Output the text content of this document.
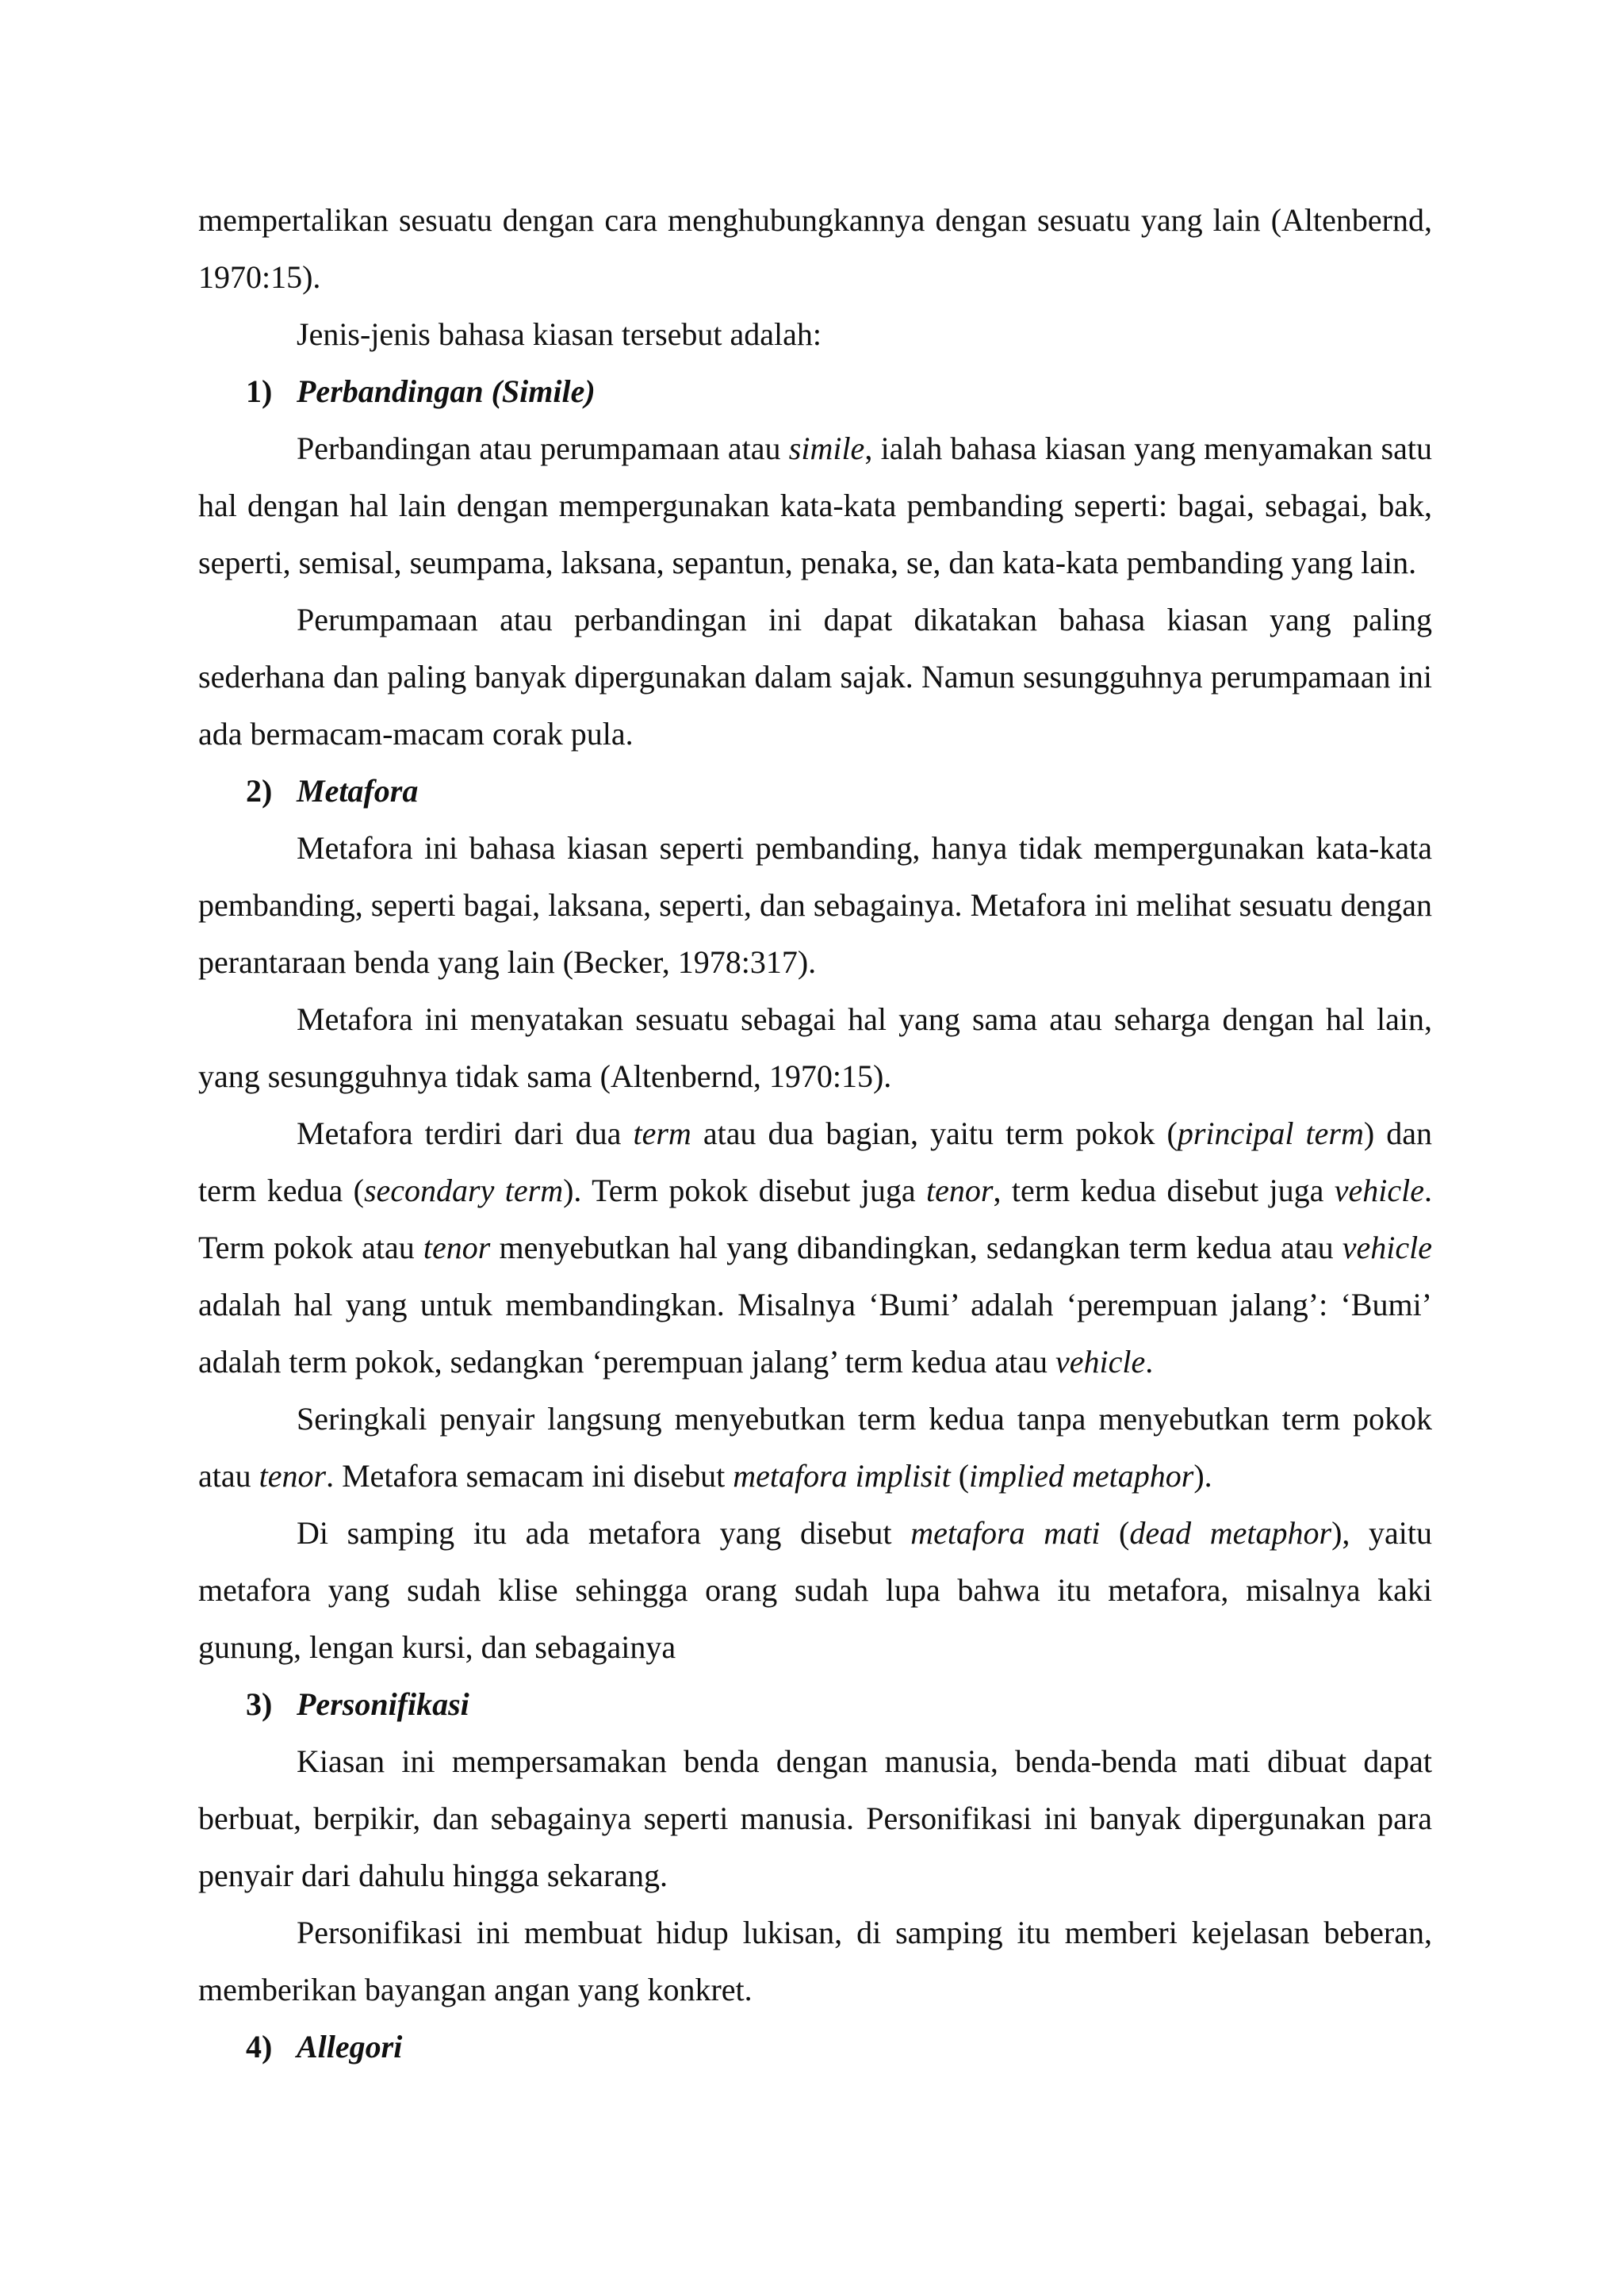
mempertalikan sesuatu dengan cara menghubungkannya dengan sesuatu yang lain (Altenbernd, 1970:15).

Jenis-jenis bahasa kiasan tersebut adalah:

1) Perbandingan (Simile)

Perbandingan atau perumpamaan atau simile, ialah bahasa kiasan yang menyamakan satu hal dengan hal lain dengan mempergunakan kata-kata pembanding seperti: bagai, sebagai, bak, seperti, semisal, seumpama, laksana, sepantun, penaka, se, dan kata-kata pembanding yang lain.

Perumpamaan atau perbandingan ini dapat dikatakan bahasa kiasan yang paling sederhana dan paling banyak dipergunakan dalam sajak. Namun sesungguhnya perumpamaan ini ada bermacam-macam corak pula.

2) Metafora

Metafora ini bahasa kiasan seperti pembanding, hanya tidak mempergunakan kata-kata pembanding, seperti bagai, laksana, seperti, dan sebagainya. Metafora ini melihat sesuatu dengan perantaraan benda yang lain (Becker, 1978:317).

Metafora ini menyatakan sesuatu sebagai hal yang sama atau seharga dengan hal lain, yang sesungguhnya tidak sama (Altenbernd, 1970:15).

Metafora terdiri dari dua term atau dua bagian, yaitu term pokok (principal term) dan term kedua (secondary term). Term pokok disebut juga tenor, term kedua disebut juga vehicle. Term pokok atau tenor menyebutkan hal yang dibandingkan, sedangkan term kedua atau vehicle adalah hal yang untuk membandingkan. Misalnya ‘Bumi’ adalah ‘perempuan jalang’: ‘Bumi’ adalah term pokok, sedangkan ‘perempuan jalang’ term kedua atau vehicle.

Seringkali penyair langsung menyebutkan term kedua tanpa menyebutkan term pokok atau tenor. Metafora semacam ini disebut metafora implisit (implied metaphor).

Di samping itu ada metafora yang disebut metafora mati (dead metaphor), yaitu metafora yang sudah klise sehingga orang sudah lupa bahwa itu metafora, misalnya kaki gunung, lengan kursi, dan sebagainya

3) Personifikasi

Kiasan ini mempersamakan benda dengan manusia, benda-benda mati dibuat dapat berbuat, berpikir, dan sebagainya seperti manusia. Personifikasi ini banyak dipergunakan para penyair dari dahulu hingga sekarang.

Personifikasi ini membuat hidup lukisan, di samping itu memberi kejelasan beberan, memberikan bayangan angan yang konkret.

4) Allegori
